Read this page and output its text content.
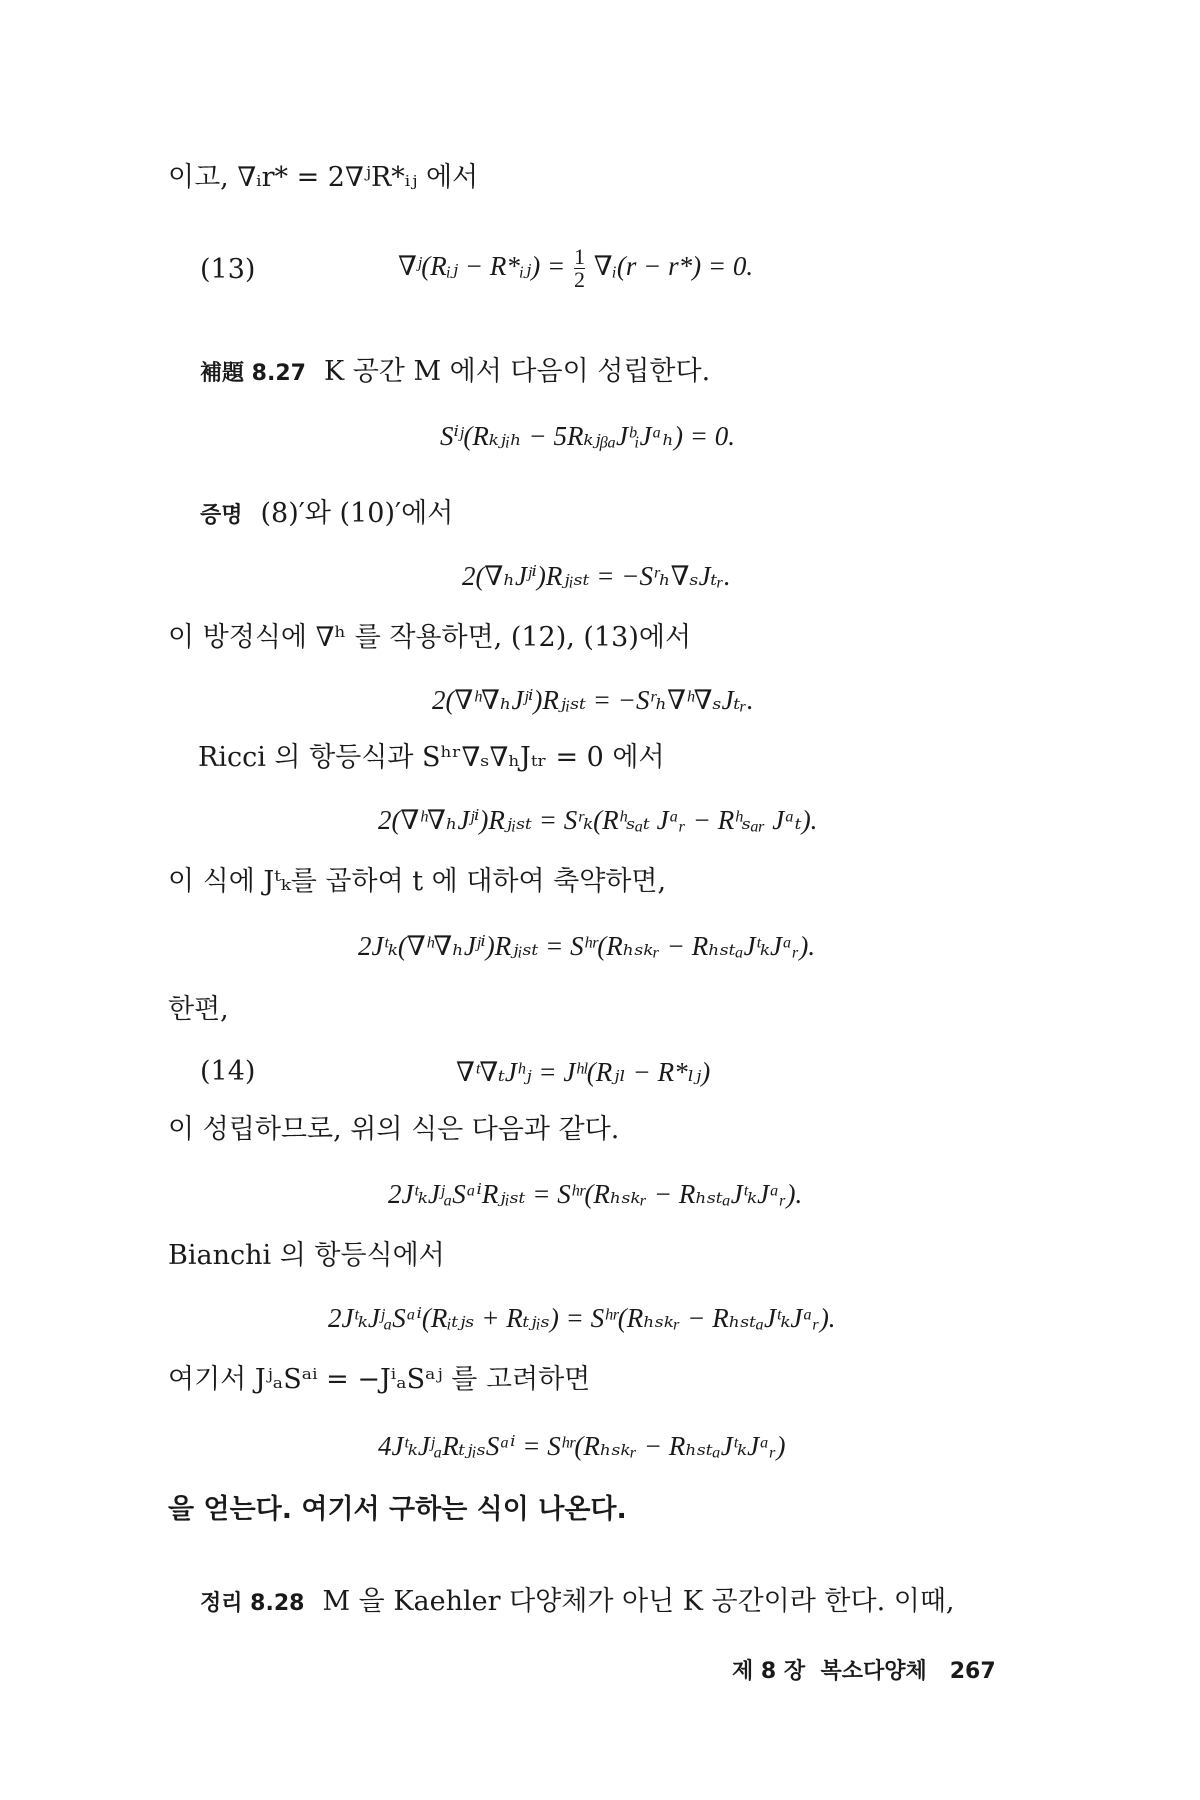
이고, ∇ᵢr* = 2∇ʲR*ᵢⱼ 에서
(13)	∇ʲ(Rᵢⱼ − R*ᵢⱼ) = $\frac{1}{2}$ ∇ᵢ(r − r*) = 0.
補題 8.27 K 공간 M 에서 다음이 성립한다.
Sⁱʲ(Rₖⱼᵢₕ − 5RₖⱼᵦₐJᵇᵢJᵃₕ) = 0.
증명 (8)′와 (10)′에서
2(∇ₕJʲⁱ)Rⱼᵢₛₜ = −Sʳₕ∇ₛJₜᵣ.
이 방정식에 ∇ʰ 를 작용하면, (12), (13)에서
2(∇ʰ∇ₕJʲⁱ)Rⱼᵢₛₜ = −Sʳₕ∇ʰ∇ₛJₜᵣ.
Ricci 의 항등식과 Sʰʳ∇ₛ∇ₕJₜᵣ = 0 에서
2(∇ʰ∇ₕJʲⁱ)Rⱼᵢₛₜ = Sʳₖ(Rʰₛₐₜ Jᵃᵣ − Rʰₛₐᵣ Jᵃₜ).
이 식에 Jᵗₖ를 곱하여 t 에 대하여 축약하면,
2Jᵗₖ(∇ʰ∇ₕJʲⁱ)Rⱼᵢₛₜ = Sʰʳ(Rₕₛₖᵣ − RₕₛₜₐJᵗₖJᵃᵣ).
한편,
(14)	∇ᵗ∇ₜJʰⱼ = Jʰˡ(Rⱼₗ − R*ₗⱼ)
이 성립하므로, 위의 식은 다음과 같다.
2JᵗₖJʲₐSᵃⁱRⱼᵢₛₜ = Sʰʳ(Rₕₛₖᵣ − RₕₛₜₐJᵗₖJᵃᵣ).
Bianchi 의 항등식에서
2JᵗₖJʲₐSᵃⁱ(Rᵢₜⱼₛ + Rₜⱼᵢₛ) = Sʰʳ(Rₕₛₖᵣ − RₕₛₜₐJᵗₖJᵃᵣ).
여기서 JʲₐSᵃⁱ = −JⁱₐSᵃʲ 를 고려하면
4JᵗₖJʲₐRₜⱼᵢₛSᵃⁱ = Sʰʳ(Rₕₛₖᵣ − RₕₛₜₐJᵗₖJᵃᵣ)
을 얻는다. 여기서 구하는 식이 나온다.
정리 8.28 M 을 Kaehler 다양체가 아닌 K 공간이라 한다. 이때,
제 8 장 복소다양체 267
